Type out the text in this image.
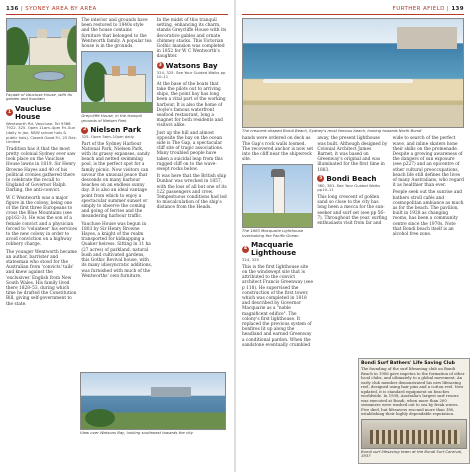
136 | SYDNEY AREA BY AREA
Façade of Vaucluse House, with its garden and fountain
1 Vaucluse House
Wentworth Rd, Vaucluse. Tel 9388 7922. 325. Open 11am–4pm Fri–Sun (daily in Jan, NSW school hols & public hols). Closed Good Fri, 25 Dec. Limited

Tradition has it that the most pretty colonial Sydney ever saw took place on the Vaucluse House lawns in 1819. Sir Henry Browne Hayes and 40 of his political cronies gathered there to celebrate the recall to England of Governor Ralph Darling, the anti-convict.

W C Wentworth was a major figure in the colony, being one of the first three Europeans to cross the Blue Mountains (see pp162–3). He was the son of a female convict and a physician forced to 'volunteer' his services to the new colony in order to avoid conviction on a highway robbery charge.

The younger Wentworth became an author, barrister and statesman who stood for the Australian from 'convicts' tails' and knew against the 'exclusives' English from New South Wales. His family lived there 1828–53, during which time he drafted the Constitution Bill, giving self-government to the state.

The interior and grounds have been restored to 1840s style and the house contains furniture that belonged to the Wentworth family. A popular tea house is in the grounds.

Greycliffe House, in the tranquil grounds of Nielsen Park
2 Nielsen Park
325. Open 5am–10pm daily.

Part of the Sydney Harbour National Park, Nielsen Park, with its grassy expanses, sandy beach and netted swimming pool, is the perfect spot for a family picnic. Now visitors can savour the unusual peace that descends on many harbour beaches on an endless sunny day. It is also an ideal vantage point from which to enjoy a spectacular summer sunset or simply to observe the coming and going of ferries and the meandering harbour traffic.

Vaucluse House was begun in 1803 by Sir Henry Browne Hayes, a knight of the realm transported for kidnapping a Quaker heiress. Sitting in 11 ha (27 acres) of parkland, natural bush and cultivated gardens, this Gothic Revival house, with its many idiosyncratic additions, was furnished with much of the Wentworths' own furniture.

In the midst of this tranquil setting, enhancing its charm, stands Greycliffe House with its decorative gables and ornate chimney stacks. This Victorian Gothic mansion was completed in 1852 for W C Wentworth's daughter.

3 Watsons Bay
324, 325. See Your Guided Walks pp 10–11

At the base of the boats that take the pilots out to arriving ships, the point bay has long been a vital part of the working harbour. It is also the home of Doyle's famous waterfront seafood restaurant, long a magnet for both residents and visitors alike.

Just up the hill and almost opposite the bay on the ocean side is The Gap, a spectacular cliff site of tragic associations. Many troubled people have taken a suicidal leap from this rugged cliff on to the wave-swept rocks below.

It was here that the British ship Dunbar was wrecked in 1857, with the loss of all but one of its 122 passengers and crew. Tempestuous conditions had led to miscalculation of the ship's distance from the Heads.

View over Watsons Bay, looking southwest towards the city
FURTHER AFIELD | 139
The crescent-shaped Bondi Beach, Sydney's most famous beach, looking towards North Bondi

hands were ordered on deck as The Gap's rock walls loomed. The recovered anchor is now set into the cliff near the shipwreck site.

The 1883 Macquarie Lighthouse overlooking the Pacific Ocean
4 Macquarie Lighthouse
324, 325

This is the first lighthouse site on the windswept site that is attributed to the convict architect Francis Greenway (see p 118). He supervised the construction of the first tower, which was completed in 1818 and described by Governor Macquarie as a "noble magnificent edifice". The colony's first lighthouse. It replaced the previous system of bonfires lit up along the headland and earned Greenway a conditional pardon. When the sandstone eventually crumbled

away, the present lighthouse was built. Although designed by Colonial Architect James Barnet, it was based on Greenway's original and was illuminated for the first time in 1883.

5 Bondi Beach
380, 381. See Your Guided Walks pp10–11

This long crescent of golden sand so close to the city has long been a mecca for the sun-seeker and surf set (see pp 56–7). Throughout the year, surfing enthusiasts visit from far and

wide to search of the perfect wave, and inline skaters hone their skills on the promenade. Despite a growing awareness of the dangers of sun exposure (see p227) and an epicentre of other cultural preoccupations, beach life still defines the lives of many Australians, who regard it as healthier than ever.

People seek out the sunrise and bathers stroll cafés and cosmopolitan ambiance as much as for the beach. The pavilion, built in 1928 as changing rooms, has been a community centre since the 1970s. Note that Bondi beach itself is an alcohol free zone.

Bondi Surf Bathers' Life Saving Club
The founding of the surf lifesaving club on Bondi Beach in 1906 gave impetus to the formation of other local clubs, and ultimately to a global movement. An early club member demonstrated his new lifesaving reel, designed using hair pins and a cotton reel. Now updated, it is standard equipment on beaches worldwide. In 1938, Australia's largest surf rescue was executed at Bondi, when more than 200 swimmers were washed out to sea by freak waves. Five died, but lifesavers rescued more than 180, establishing their highly dependable reputation.
Bondi surf lifesaving team at the Bondi Surf Carnival, 1937
